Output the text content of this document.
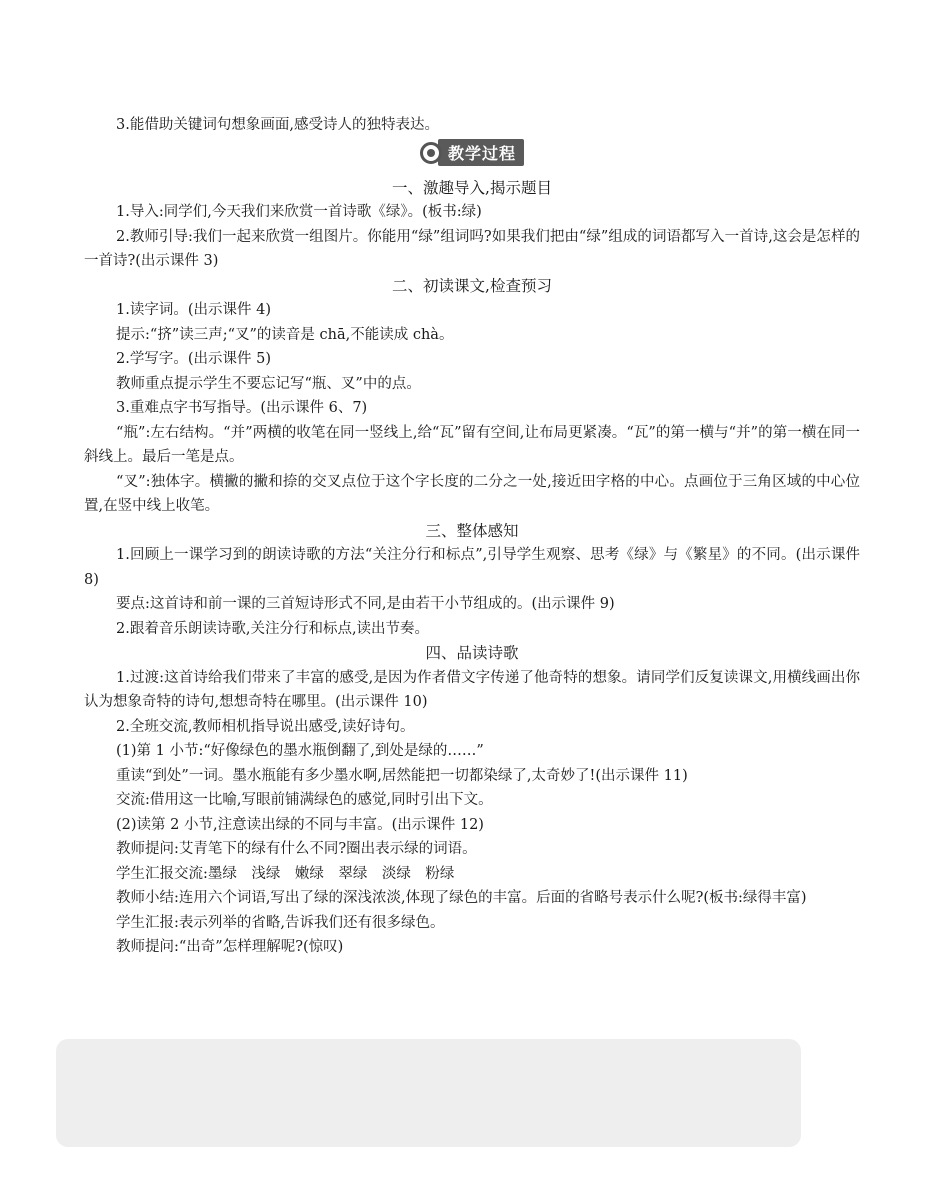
3.能借助关键词句想象画面,感受诗人的独特表达。

教学过程

一、激趣导入,揭示题目

1.导入:同学们,今天我们来欣赏一首诗歌《绿》。(板书:绿)

2.教师引导:我们一起来欣赏一组图片。你能用“绿”组词吗?如果我们把由“绿”组成的词语都写入一首诗,这会是怎样的一首诗?(出示课件 3)

二、初读课文,检查预习

1.读字词。(出示课件 4)

提示:“挤”读三声;“叉”的读音是 chā,不能读成 chà。

2.学写字。(出示课件 5)

教师重点提示学生不要忘记写“瓶、叉”中的点。

3.重难点字书写指导。(出示课件 6、7)

“瓶”:左右结构。“并”两横的收笔在同一竖线上,给“瓦”留有空间,让布局更紧凑。“瓦”的第一横与“并”的第一横在同一斜线上。最后一笔是点。

“叉”:独体字。横撇的撇和捺的交叉点位于这个字长度的二分之一处,接近田字格的中心。点画位于三角区域的中心位置,在竖中线上收笔。

三、整体感知

1.回顾上一课学习到的朗读诗歌的方法“关注分行和标点”,引导学生观察、思考《绿》与《繁星》的不同。(出示课件 8)

要点:这首诗和前一课的三首短诗形式不同,是由若干小节组成的。(出示课件 9)

2.跟着音乐朗读诗歌,关注分行和标点,读出节奏。

四、品读诗歌

1.过渡:这首诗给我们带来了丰富的感受,是因为作者借文字传递了他奇特的想象。请同学们反复读课文,用横线画出你认为想象奇特的诗句,想想奇特在哪里。(出示课件 10)

2.全班交流,教师相机指导说出感受,读好诗句。

(1)第 1 小节:“好像绿色的墨水瓶倒翻了,到处是绿的……”

重读“到处”一词。墨水瓶能有多少墨水啊,居然能把一切都染绿了,太奇妙了!(出示课件 11)

交流:借用这一比喻,写眼前铺满绿色的感觉,同时引出下文。

(2)读第 2 小节,注意读出绿的不同与丰富。(出示课件 12)

教师提问:艾青笔下的绿有什么不同?圈出表示绿的词语。

学生汇报交流:墨绿　浅绿　嫩绿　翠绿　淡绿　粉绿

教师小结:连用六个词语,写出了绿的深浅浓淡,体现了绿色的丰富。后面的省略号表示什么呢?(板书:绿得丰富)

学生汇报:表示列举的省略,告诉我们还有很多绿色。

教师提问:“出奇”怎样理解呢?(惊叹)
